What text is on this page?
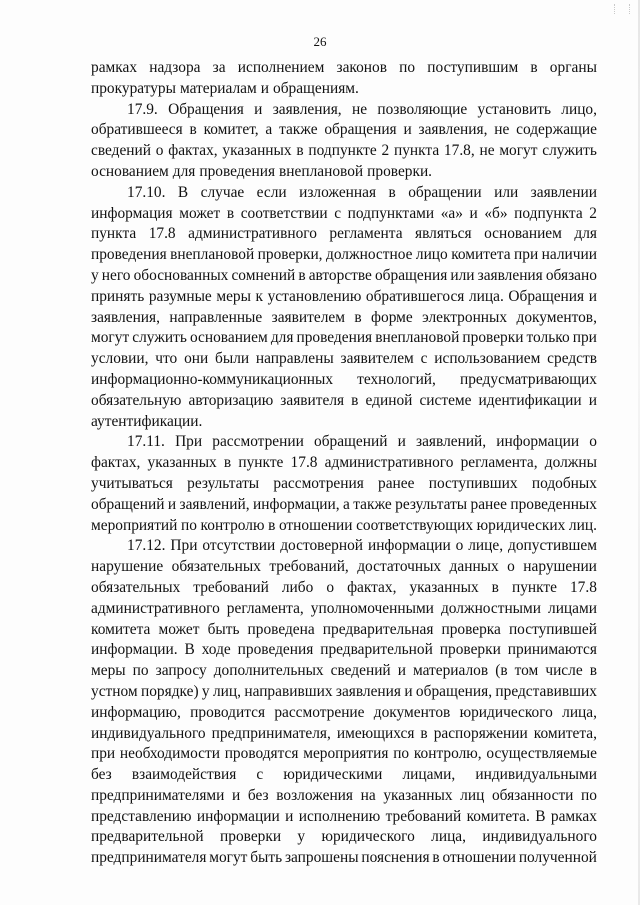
26
рамках надзора за исполнением законов по поступившим в органы
прокуратуры материалам и обращениям.
17.9. Обращения и заявления, не позволяющие установить лицо,
обратившееся в комитет, а также обращения и заявления, не содержащие
сведений о фактах, указанных в подпункте 2 пункта 17.8, не могут служить
основанием для проведения внеплановой проверки.
17.10. В случае если изложенная в обращении или заявлении
информация может в соответствии с подпунктами «а» и «б» подпункта 2
пункта 17.8 административного регламента являться основанием для
проведения внеплановой проверки, должностное лицо комитета при наличии
у него обоснованных сомнений в авторстве обращения или заявления обязано
принять разумные меры к установлению обратившегося лица. Обращения и
заявления, направленные заявителем в форме электронных документов,
могут служить основанием для проведения внеплановой проверки только при
условии, что они были направлены заявителем с использованием средств
информационно-коммуникационных технологий, предусматривающих
обязательную авторизацию заявителя в единой системе идентификации и
аутентификации.
17.11. При рассмотрении обращений и заявлений, информации о
фактах, указанных в пункте 17.8 административного регламента, должны
учитываться результаты рассмотрения ранее поступивших подобных
обращений и заявлений, информации, а также результаты ранее проведенных
мероприятий по контролю в отношении соответствующих юридических лиц.
17.12. При отсутствии достоверной информации о лице, допустившем
нарушение обязательных требований, достаточных данных о нарушении
обязательных требований либо о фактах, указанных в пункте 17.8
административного регламента, уполномоченными должностными лицами
комитета может быть проведена предварительная проверка поступившей
информации. В ходе проведения предварительной проверки принимаются
меры по запросу дополнительных сведений и материалов (в том числе в
устном порядке) у лиц, направивших заявления и обращения, представивших
информацию, проводится рассмотрение документов юридического лица,
индивидуального предпринимателя, имеющихся в распоряжении комитета,
при необходимости проводятся мероприятия по контролю, осуществляемые
без взаимодействия с юридическими лицами, индивидуальными
предпринимателями и без возложения на указанных лиц обязанности по
представлению информации и исполнению требований комитета. В рамках
предварительной проверки у юридического лица, индивидуального
предпринимателя могут быть запрошены пояснения в отношении полученной
